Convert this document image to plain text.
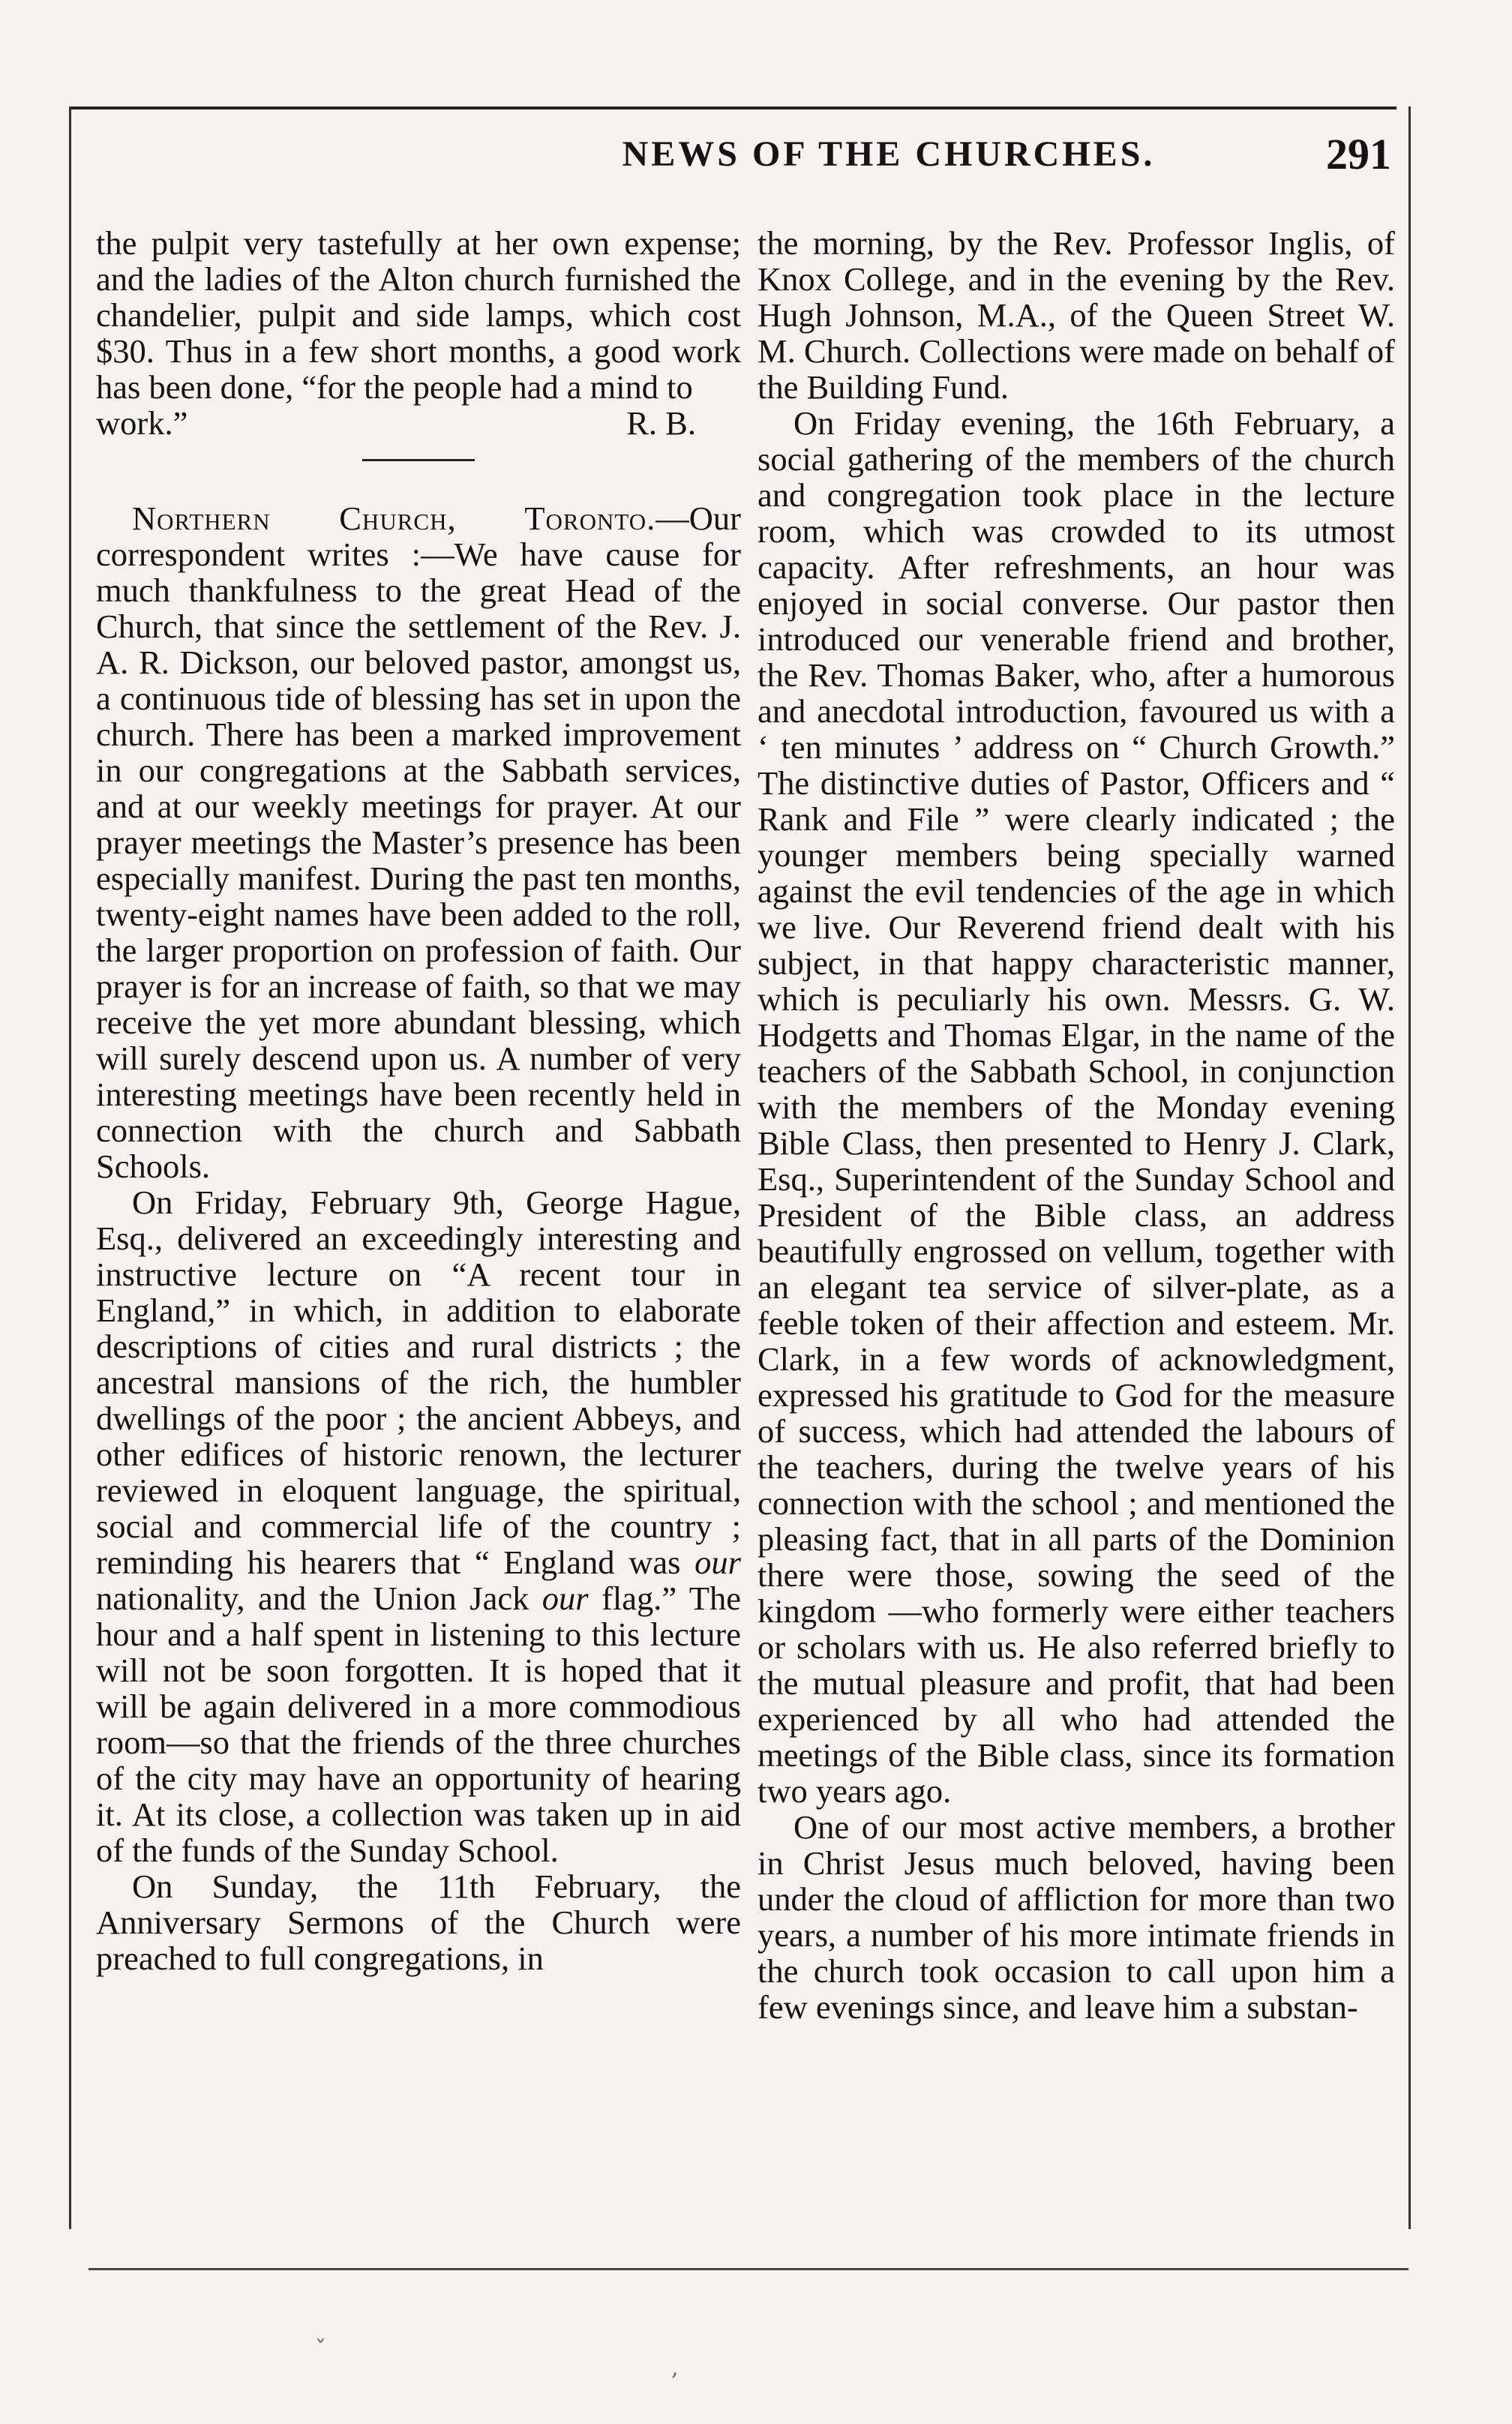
NEWS OF THE CHURCHES.	291

the pulpit very tastefully at her own expense; and the ladies of the Alton church furnished the chandelier, pulpit and side lamps, which cost $30. Thus in a few short months, a good work has been done, “for the people had a mind to

work.”	R. B.

Northern Church, Toronto.—Our correspondent writes :—We have cause for much thankfulness to the great Head of the Church, that since the settlement of the Rev. J. A. R. Dickson, our beloved pastor, amongst us, a continuous tide of blessing has set in upon the church. There has been a marked improvement in our congregations at the Sabbath services, and at our weekly meetings for prayer. At our prayer meetings the Master’s presence has been especially manifest. During the past ten months, twenty-eight names have been added to the roll, the larger proportion on profession of faith. Our prayer is for an increase of faith, so that we may receive the yet more abundant blessing, which will surely descend upon us. A number of very interesting meetings have been recently held in connection with the church and Sabbath Schools.

On Friday, February 9th, George Hague, Esq., delivered an exceedingly interesting and instructive lecture on “A recent tour in England,” in which, in addition to elaborate descriptions of cities and rural districts ; the ancestral mansions of the rich, the humbler dwellings of the poor ; the ancient Abbeys, and other edifices of historic renown, the lecturer reviewed in eloquent language, the spiritual, social and commercial life of the country ; reminding his hearers that “ England was our nationality, and the Union Jack our flag.” The hour and a half spent in listening to this lecture will not be soon forgotten. It is hoped that it will be again delivered in a more commodious room—so that the friends of the three churches of the city may have an opportunity of hearing it. At its close, a collection was taken up in aid of the funds of the Sunday School.

On Sunday, the 11th February, the Anniversary Sermons of the Church were preached to full congregations, in

the morning, by the Rev. Professor Inglis, of Knox College, and in the evening by the Rev. Hugh Johnson, M.A., of the Queen Street W. M. Church. Collections were made on behalf of the Building Fund.

On Friday evening, the 16th February, a social gathering of the members of the church and congregation took place in the lecture room, which was crowded to its utmost capacity. After refreshments, an hour was enjoyed in social converse. Our pastor then introduced our venerable friend and brother, the Rev. Thomas Baker, who, after a humorous and anecdotal introduction, favoured us with a ‘ ten minutes ’ address on “ Church Growth.” The distinctive duties of Pastor, Officers and “ Rank and File ” were clearly indicated ; the younger members being specially warned against the evil tendencies of the age in which we live. Our Reverend friend dealt with his subject, in that happy characteristic manner, which is peculiarly his own. Messrs. G. W. Hodgetts and Thomas Elgar, in the name of the teachers of the Sabbath School, in conjunction with the members of the Monday evening Bible Class, then presented to Henry J. Clark, Esq., Superintendent of the Sunday School and President of the Bible class, an address beautifully engrossed on vellum, together with an elegant tea service of silver-plate, as a feeble token of their affection and esteem. Mr. Clark, in a few words of acknowledgment, expressed his gratitude to God for the measure of success, which had attended the labours of the teachers, during the twelve years of his connection with the school ; and mentioned the pleasing fact, that in all parts of the Dominion there were those, sowing the seed of the kingdom —who formerly were either teachers or scholars with us. He also referred briefly to the mutual pleasure and profit, that had been experienced by all who had attended the meetings of the Bible class, since its formation two years ago.

One of our most active members, a brother in Christ Jesus much beloved, having been under the cloud of affliction for more than two years, a number of his more intimate friends in the church took occasion to call upon him a few evenings since, and leave him a substan-

ˇ
,
